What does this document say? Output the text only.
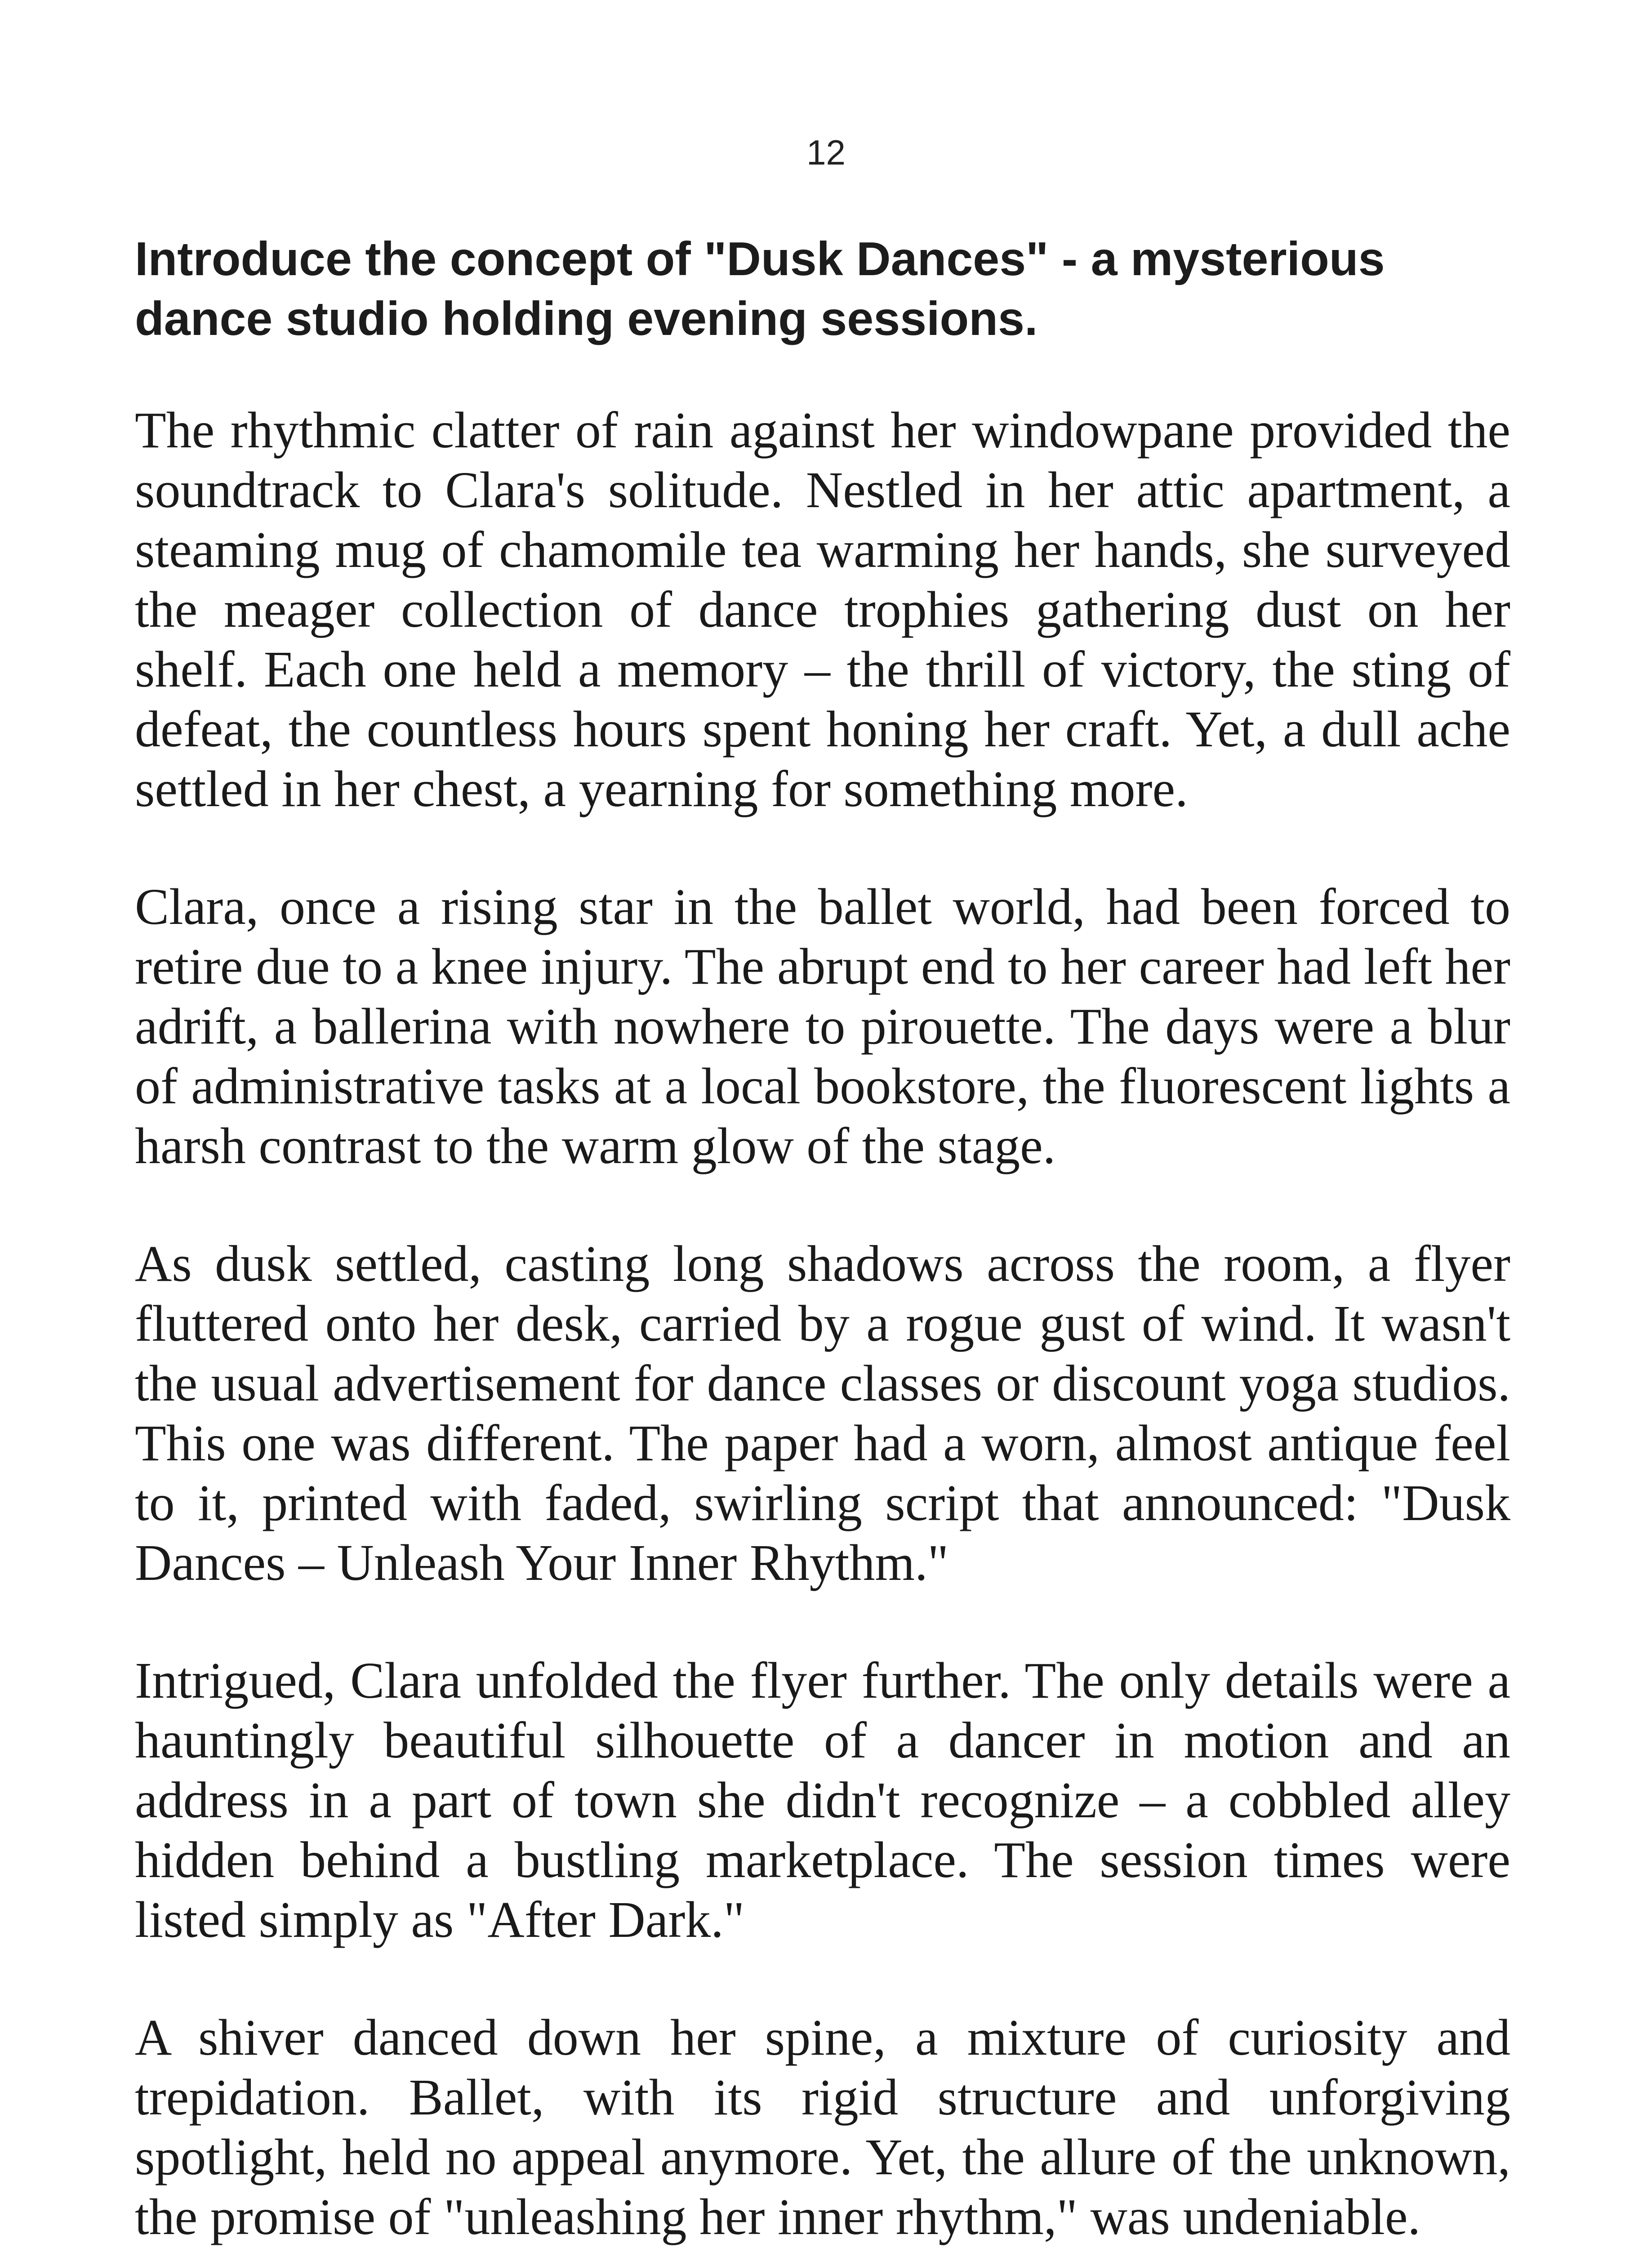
12
Introduce the concept of "Dusk Dances" - a mysterious dance studio holding evening sessions.

The rhythmic clatter of rain against her windowpane provided the soundtrack to Clara's solitude. Nestled in her attic apartment, a steaming mug of chamomile tea warming her hands, she surveyed the meager collection of dance trophies gathering dust on her shelf. Each one held a memory – the thrill of victory, the sting of defeat, the countless hours spent honing her craft. Yet, a dull ache settled in her chest, a yearning for something more.

Clara, once a rising star in the ballet world, had been forced to retire due to a knee injury. The abrupt end to her career had left her adrift, a ballerina with nowhere to pirouette. The days were a blur of administrative tasks at a local bookstore, the fluorescent lights a harsh contrast to the warm glow of the stage.

As dusk settled, casting long shadows across the room, a flyer fluttered onto her desk, carried by a rogue gust of wind. It wasn't the usual advertisement for dance classes or discount yoga studios. This one was different. The paper had a worn, almost antique feel to it, printed with faded, swirling script that announced: "Dusk Dances – Unleash Your Inner Rhythm."

Intrigued, Clara unfolded the flyer further. The only details were a hauntingly beautiful silhouette of a dancer in motion and an address in a part of town she didn't recognize – a cobbled alley hidden behind a bustling marketplace. The session times were listed simply as "After Dark."

A shiver danced down her spine, a mixture of curiosity and trepidation. Ballet, with its rigid structure and unforgiving spotlight, held no appeal anymore. Yet, the allure of the unknown, the promise of "unleashing her inner rhythm," was undeniable.
